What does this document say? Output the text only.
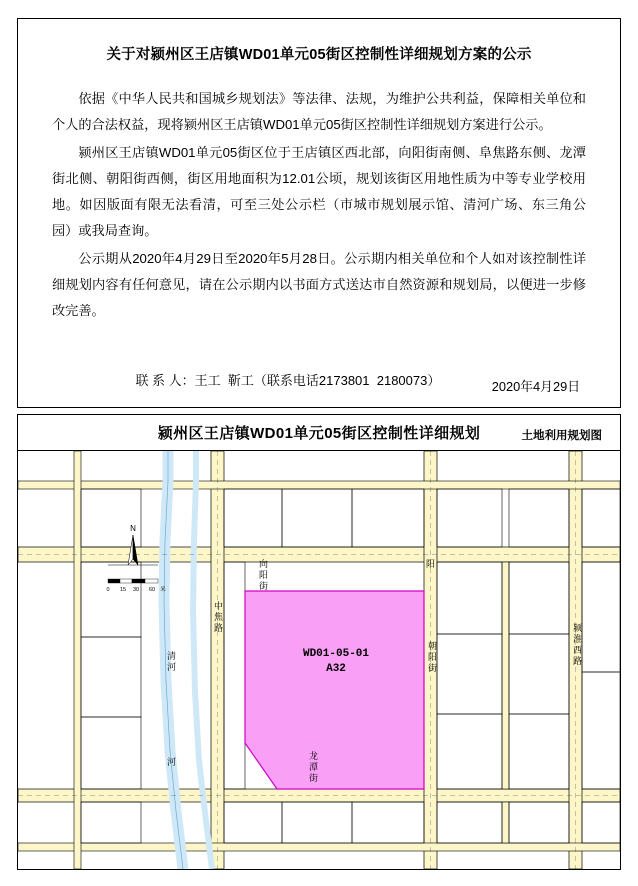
关于对颍州区王店镇WD01单元05街区控制性详细规划方案的公示

依据《中华人民共和国城乡规划法》等法律、法规，为维护公共利益，保障相关单位和个人的合法权益，现将颍州区王店镇WD01单元05街区控制性详细规划方案进行公示。

颍州区王店镇WD01单元05街区位于王店镇区西北部，向阳街南侧、阜焦路东侧、龙潭街北侧、朝阳街西侧，街区用地面积为12.01公顷，规划该街区用地性质为中等专业学校用地。如因版面有限无法看清，可至三处公示栏（市城市规划展示馆、清河广场、东三角公园）或我局查询。

公示期从2020年4月29日至2020年5月28日。公示期内相关单位和个人如对该控制性详细规划内容有任何意见，请在公示期内以书面方式送达市自然资源和规划局，以便进一步修改完善。

联 系 人：王工  靳工（联系电话2173801  2180073）

	2020年4月29日
颍州区王店镇WD01单元05街区控制性详细规划	土地利用规划图
N
0 15 30 60 米
WD01-05-01
A32
向阳街
阳
中焦路
清河
朝阳街
颍淮西路
龙潭街
河
